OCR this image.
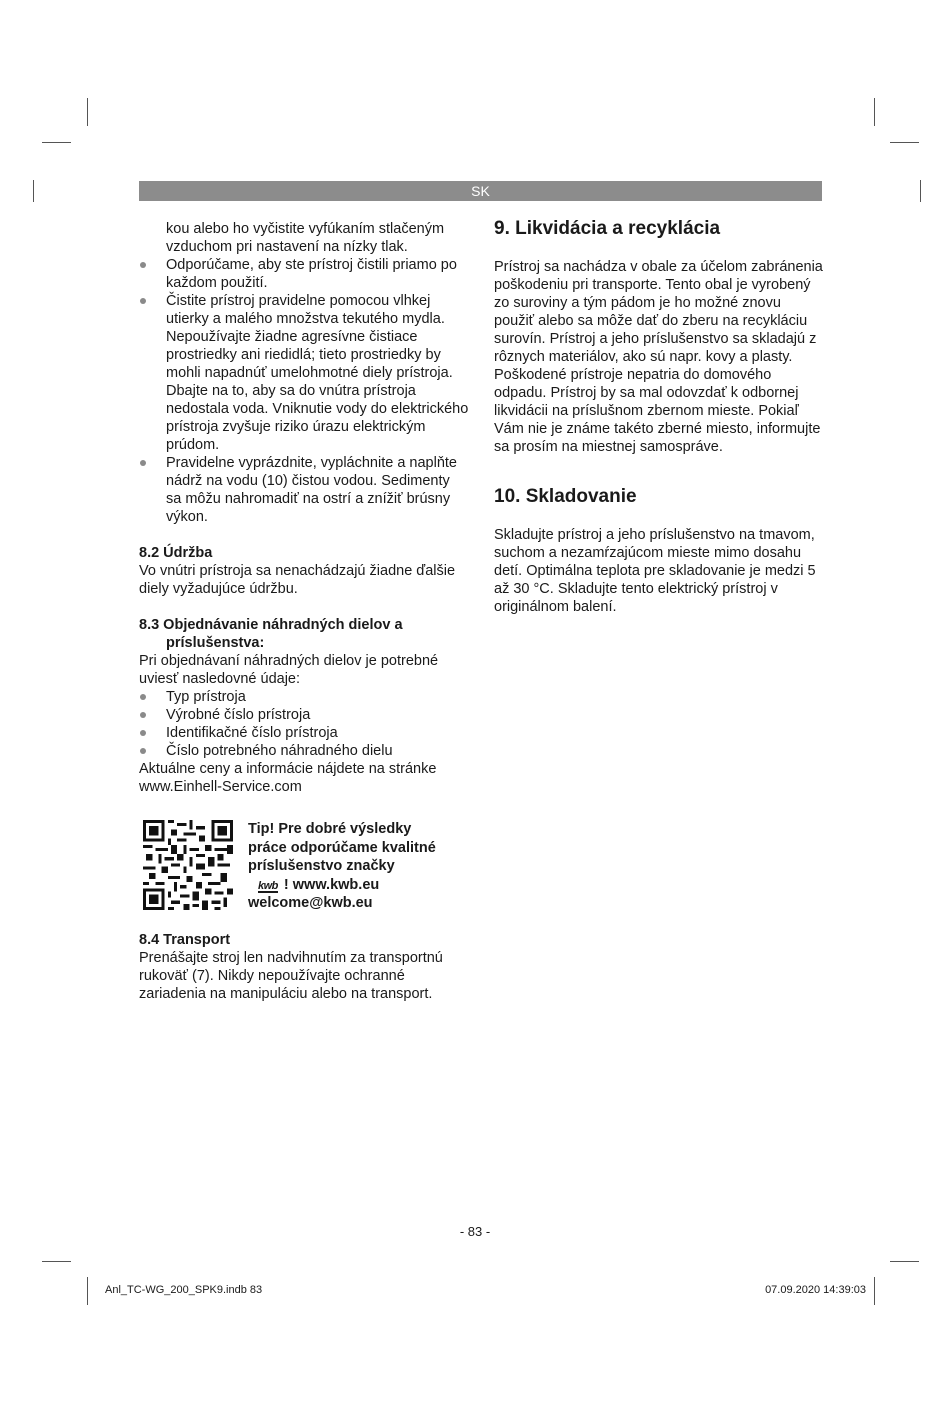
SK

kou alebo ho vyčistite vyfúkaním stlačeným vzduchom pri nastavení na nízky tlak.

Odporúčame, aby ste prístroj čistili priamo po každom použití.
Čistite prístroj pravidelne pomocou vlhkej utierky a malého množstva tekutého mydla. Nepoužívajte žiadne agresívne čistiace prostriedky ani riedidlá; tieto prostriedky by mohli napadnúť umelohmotné diely prístroja. Dbajte na to, aby sa do vnútra prístroja nedostala voda. Vniknutie vody do elektrického prístroja zvyšuje riziko úrazu elektrickým prúdom.
Pravidelne vyprázdnite, vypláchnite a naplňte nádrž na vodu (10) čistou vodou. Sedimenty sa môžu nahromadiť na ostrí a znížiť brúsny výkon.
8.2 Údržba

Vo vnútri prístroja sa nenachádzajú žiadne ďalšie diely vyžadujúce údržbu.

8.3 Objednávanie náhradných dielov a
príslušenstva:

Pri objednávaní náhradných dielov je potrebné uviesť nasledovné údaje:

Typ prístroja
Výrobné číslo prístroja
Identifikačné číslo prístroja
Číslo potrebného náhradného dielu

Aktuálne ceny a informácie nájdete na stránke www.Einhell-Service.com

Tip! Pre dobré výsledky
práce odporúčame kvalitné
príslušenstvo značky
kwb ! www.kwb.eu
welcome@kwb.eu
8.4 Transport

Prenášajte stroj len nadvihnutím za transportnú rukoväť (7). Nikdy nepoužívajte ochranné zariadenia na manipuláciu alebo na transport.

9. Likvidácia a recyklácia

Prístroj sa nachádza v obale za účelom zabránenia poškodeniu pri transporte. Tento obal je vyrobený zo suroviny a tým pádom je ho možné znovu použiť alebo sa môže dať do zberu na recykláciu surovín. Prístroj a jeho príslušenstvo sa skladajú z rôznych materiálov, ako sú napr. kovy a plasty. Poškodené prístroje nepatria do domového odpadu. Prístroj by sa mal odovzdať k odbornej likvidácii na príslušnom zbernom mieste. Pokiaľ Vám nie je známe takéto zberné miesto, informujte sa prosím na miestnej samospráve.

10. Skladovanie

Skladujte prístroj a jeho príslušenstvo na tmavom, suchom a nezamŕzajúcom mieste mimo dosahu detí. Optimálna teplota pre skladovanie je medzi 5 až 30 °C. Skladujte tento elektrický prístroj v originálnom balení.

- 83 -
Anl_TC-WG_200_SPK9.indb 83	07.09.2020 14:39:03
